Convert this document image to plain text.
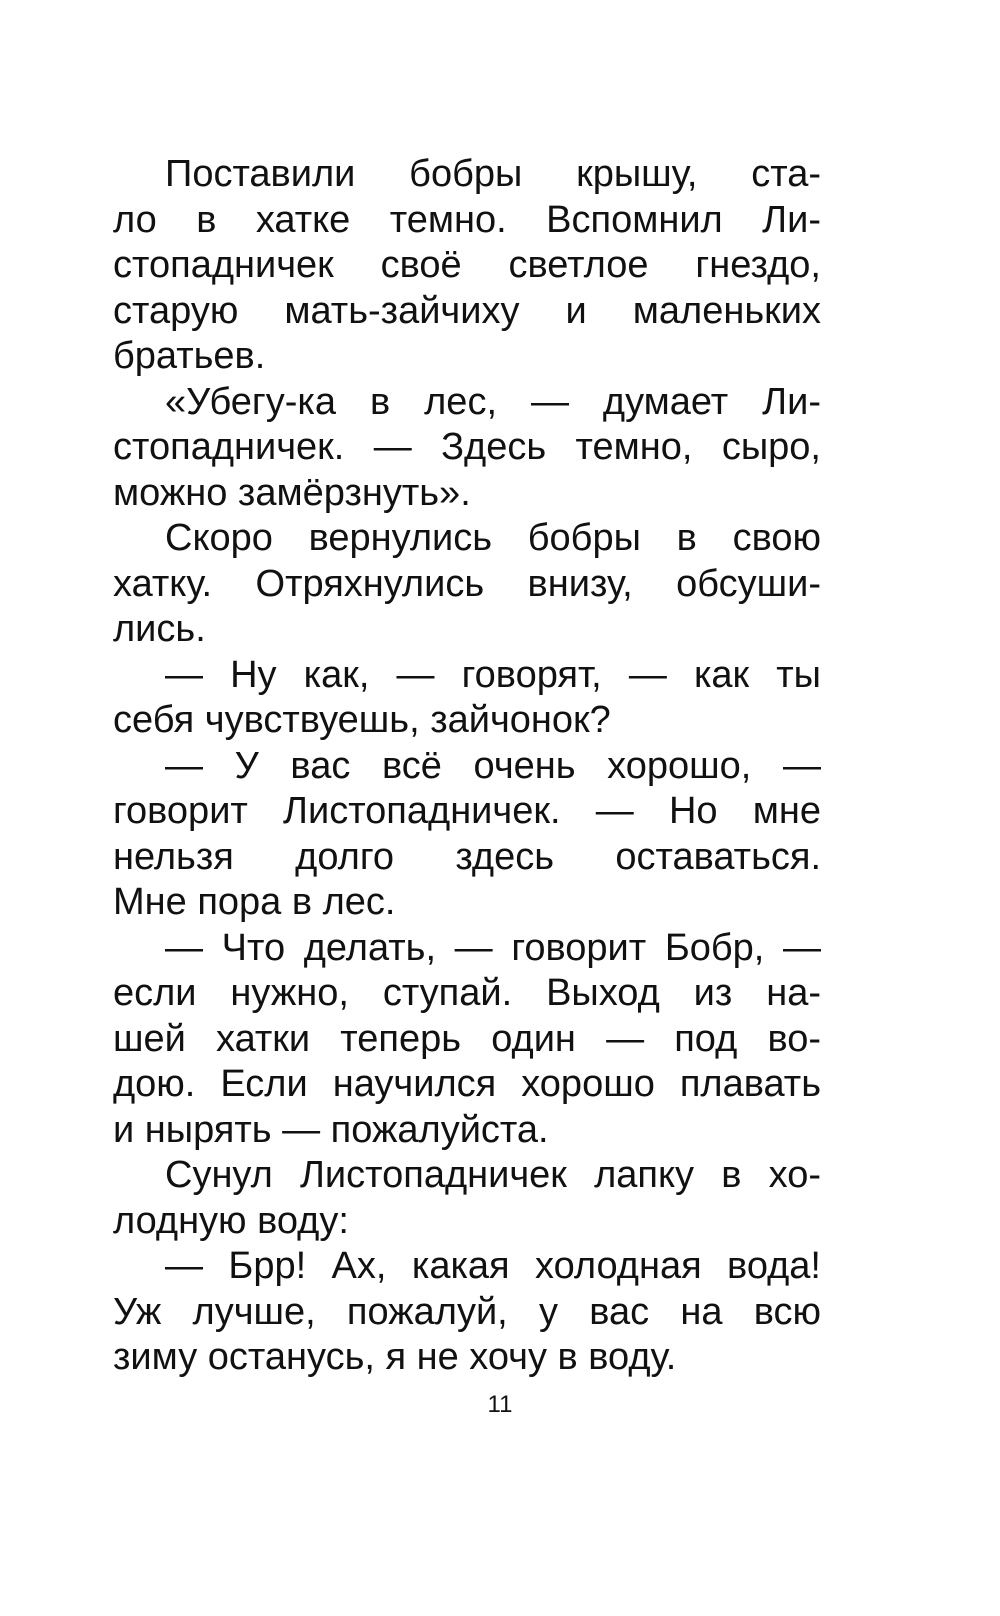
Поставили бобры крышу, ста-
ло в хатке темно. Вспомнил Ли-
стопадничек своё светлое гнездо,
старую мать-зайчиху и маленьких
братьев.
«Убегу-ка в лес, — думает Ли-
стопадничек. — Здесь темно, сыро,
можно замёрзнуть».
Скоро вернулись бобры в свою
хатку. Отряхнулись внизу, обсуши-
лись.
— Ну как, — говорят, — как ты
себя чувствуешь, зайчонок?
— У вас всё очень хорошо, —
говорит Листопадничек. — Но мне
нельзя долго здесь оставаться.
Мне пора в лес.
— Что делать, — говорит Бобр, —
если нужно, ступай. Выход из на-
шей хатки теперь один — под во-
дою. Если научился хорошо плавать
и нырять — пожалуйста.
Сунул Листопадничек лапку в хо-
лодную воду:
— Брр! Ах, какая холодная вода!
Уж лучше, пожалуй, у вас на всю
зиму останусь, я не хочу в воду.
11
